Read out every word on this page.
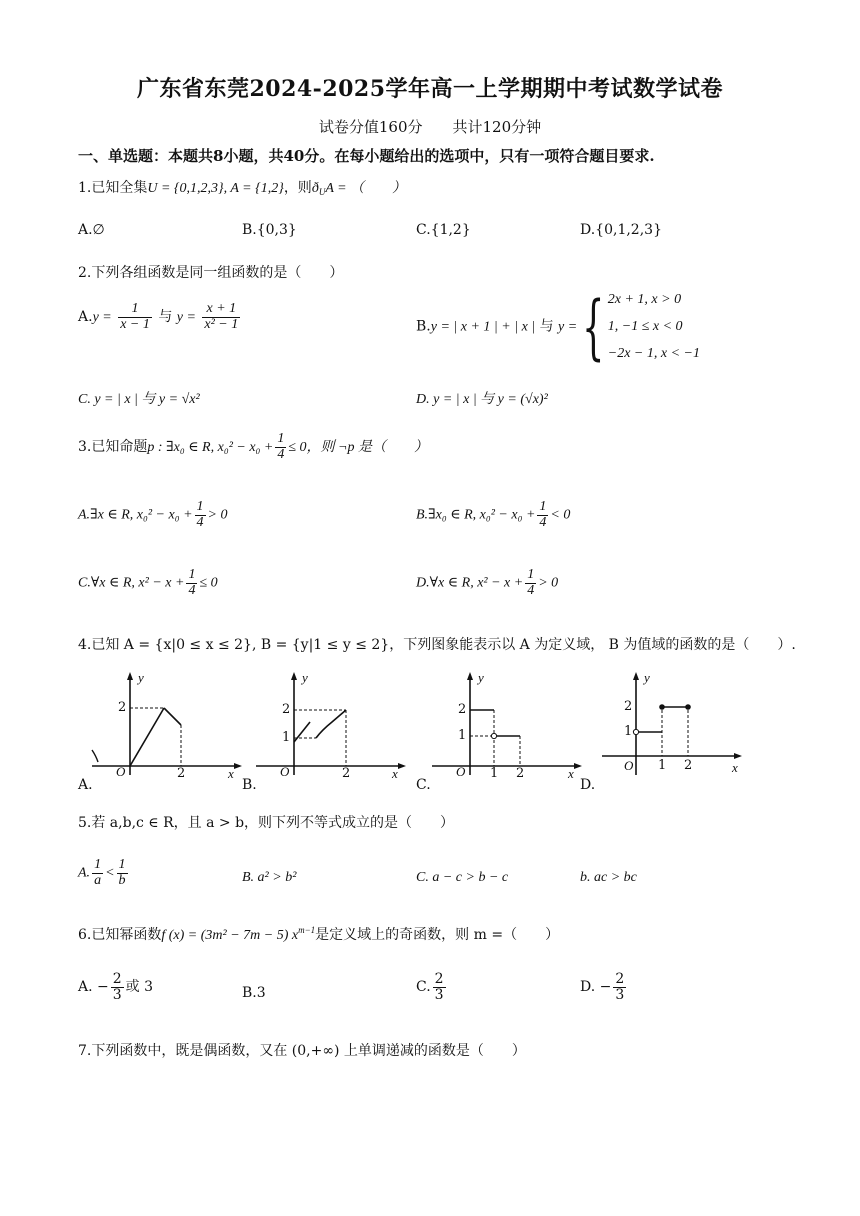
广东省东莞2024-2025学年高一上学期期中考试数学试卷
试卷分值160分　　共计120分钟
一、单选题：本题共8小题，共40分。在每小题给出的选项中，只有一项符合题目要求.
1.已知全集U = {0,1,2,3}, A = {1,2}，则$ð_UA$ = （　　）
A.∅	B.{0,3}	C.{1,2}	D.{0,1,2,3}
2.下列各组函数是同一组函数的是（　　）
$A.y = \frac{1}{x - 1}$ 与 $y = \frac{x + 1}{\text{x² − 1}}$	B.y = | x + 1 | + | x | 与 y ={ 2x + 1, x > 0
1, −1 ≤ x < 0
−2x − 1, x < −1
C. y = | x | 与 y = √x²	D. y = | x | 与 y = (√x)²
3.已知命题p : ∃x₀ ∈ R, $x_0^2 - x_0 + \frac{1}{4} \le 0$，则 ¬p 是（　　）
A.∃x ∈ R, $x_0^2 - x_0 + \frac{1}{4} > 0$	B.∃x₀ ∈ R, $x_0^2 - x_0 + \frac{1}{4} < 0$
C.∀x ∈ R, $x^2 - x + \frac{1}{4} \le 0$	D.∀x ∈ R, $x^2 - x + \frac{1}{4} > 0$
4.已知 A = {x|0 ≤ x ≤ 2}, B = {y|1 ≤ y ≤ 2}，下列图象能表示以 A 为定义域， B 为值域的函数的是（　　）.
y
x
O
2
2
A.
y
x
O
2
1
2
B.
y
x
O
2
1
1 2
C.
y
x
O
2
1
1 2
D.
5.若 a,b,c ∈ R，且 a > b，则下列不等式成立的是（　　）
A. $\frac{1}{a} < \frac{1}{b}$	B. a² > b²	C. a − c > b − c	b. ac > bc
6.已知幂函数f (x) = (3m² − 7m − 5) $x^{m-1}$是定义域上的奇函数，则 m =（　　）
A. − $\frac{2}{3}$ 或 3	B.3	C. $\frac{2}{3}$	D. − $\frac{2}{3}$
7.下列函数中，既是偶函数，又在 (0,+∞) 上单调递减的函数是（　　）
